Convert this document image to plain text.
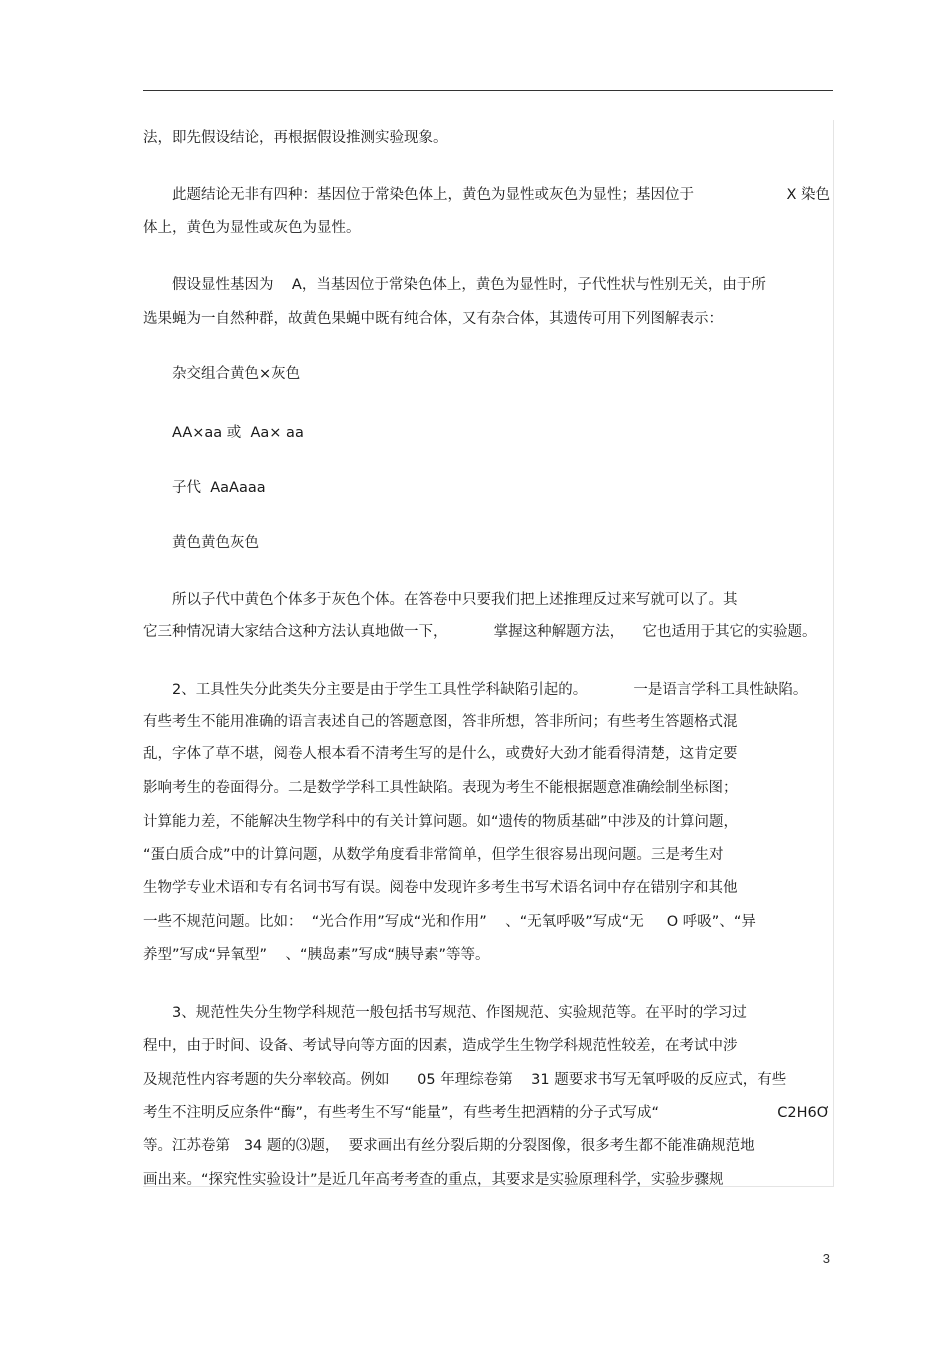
法，即先假设结论，再根据假设推测实验现象。
此题结论无非有四种：基因位于常染色体上，黄色为显性或灰色为显性；基因位于	X 染色
体上，黄色为显性或灰色为显性。
假设显性基因为    A，当基因位于常染色体上，黄色为显性时，子代性状与性别无关，由于所
选果蝇为一自然种群，故黄色果蝇中既有纯合体，又有杂合体，其遗传可用下列图解表示：
杂交组合黄色×灰色
AA×aa 或  Aa× aa
子代  AaAaaa
黄色黄色灰色
所以子代中黄色个体多于灰色个体。在答卷中只要我们把上述推理反过来写就可以了。其
它三种情况请大家结合这种方法认真地做一下，          掌握这种解题方法，    它也适用于其它的实验题。
2、工具性失分此类失分主要是由于学生工具性学科缺陷引起的。          一是语言学科工具性缺陷。
有些考生不能用准确的语言表述自己的答题意图，答非所想，答非所问；有些考生答题格式混
乱，字体了草不堪，阅卷人根本看不清考生写的是什么，或费好大劲才能看得清楚，这肯定要
影响考生的卷面得分。二是数学学科工具性缺陷。表现为考生不能根据题意准确绘制坐标图；
计算能力差，不能解决生物学科中的有关计算问题。如“遗传的物质基础”中涉及的计算问题，
“蛋白质合成”中的计算问题，从数学角度看非常简单，但学生很容易出现问题。三是考生对
生物学专业术语和专有名词书写有误。阅卷中发现许多考生书写术语名词中存在错别字和其他
一些不规范问题。比如：  “光合作用”写成“光和作用”    、“无氧呼吸”写成“无     O 呼吸”、“异
养型”写成“异氧型”    、“胰岛素”写成“胰导素”等等。
3、规范性失分生物学科规范一般包括书写规范、作图规范、实验规范等。在平时的学习过
程中，由于时间、设备、考试导向等方面的因素，造成学生生物学科规范性较差，在考试中涉
及规范性内容考题的失分率较高。例如      05 年理综卷第    31 题要求书写无氧呼吸的反应式，有些
考生不注明反应条件“酶”，有些考生不写“能量”，有些考生把酒精的分子式写成“	C2H6Ơ
等。江苏卷第   34 题的⑶题，  要求画出有丝分裂后期的分裂图像，很多考生都不能准确规范地
画出来。“探究性实验设计”是近几年高考考查的重点，其要求是实验原理科学，实验步骤规
3
